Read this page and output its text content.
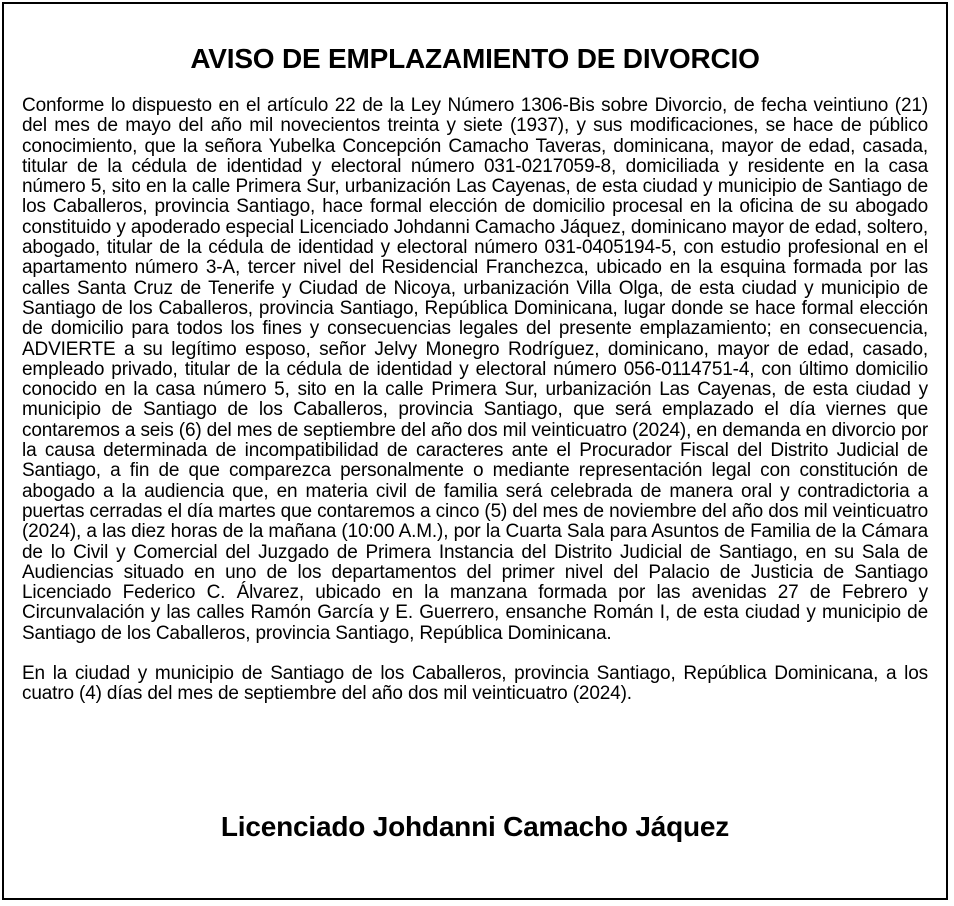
AVISO DE EMPLAZAMIENTO DE DIVORCIO

Conforme lo dispuesto en el artículo 22 de la Ley Número 1306-Bis sobre Divorcio, de fecha veintiuno (21) del mes de mayo del año mil novecientos treinta y siete (1937), y sus modificaciones, se hace de público conocimiento, que la señora Yubelka Concepción Camacho Taveras, dominicana, mayor de edad, casada, titular de la cédula de identidad y electoral número 031-0217059-8, domiciliada y residente en la casa número 5, sito en la calle Primera Sur, urbanización Las Cayenas, de esta ciudad y municipio de Santiago de los Caballeros, provincia Santiago, hace formal elección de domicilio procesal en la oficina de su abogado constituido y apoderado especial Licenciado Johdanni Camacho Jáquez, dominicano mayor de edad, soltero, abogado, titular de la cédula de identidad y electoral número 031-0405194-5, con estudio profesional en el apartamento número 3-A, tercer nivel del Residencial Franchezca, ubicado en la esquina formada por las calles Santa Cruz de Tenerife y Ciudad de Nicoya, urbanización Villa Olga, de esta ciudad y municipio de Santiago de los Caballeros, provincia Santiago, República Dominicana, lugar donde se hace formal elección de domicilio para todos los fines y consecuencias legales del presente emplazamiento; en consecuencia, ADVIERTE a su legítimo esposo, señor Jelvy Monegro Rodríguez, dominicano, mayor de edad, casado, empleado privado, titular de la cédula de identidad y electoral número 056-0114751-4, con último domicilio conocido en la casa número 5, sito en la calle Primera Sur, urbanización Las Cayenas, de esta ciudad y municipio de Santiago de los Caballeros, provincia Santiago, que será emplazado el día viernes que contaremos a seis (6) del mes de septiembre del año dos mil veinticuatro (2024), en demanda en divorcio por la causa determinada de incompatibilidad de caracteres ante el Procurador Fiscal del Distrito Judicial de Santiago, a fin de que comparezca personalmente o mediante representación legal con constitución de abogado a la audiencia que, en materia civil de familia será celebrada de manera oral y contradictoria a puertas cerradas el día martes que contaremos a cinco (5) del mes de noviembre del año dos mil veinticuatro (2024), a las diez horas de la mañana (10:00 A.M.), por la Cuarta Sala para Asuntos de Familia de la Cámara de lo Civil y Comercial del Juzgado de Primera Instancia del Distrito Judicial de Santiago, en su Sala de Audiencias situado en uno de los departamentos del primer nivel del Palacio de Justicia de Santiago Licenciado Federico C. Álvarez, ubicado en la manzana formada por las avenidas 27 de Febrero y Circunvalación y las calles Ramón García y E. Guerrero, ensanche Román I, de esta ciudad y municipio de Santiago de los Caballeros, provincia Santiago, República Dominicana.

En la ciudad y municipio de Santiago de los Caballeros, provincia Santiago, República Dominicana, a los cuatro (4) días del mes de septiembre del año dos mil veinticuatro (2024).

Licenciado Johdanni Camacho Jáquez
